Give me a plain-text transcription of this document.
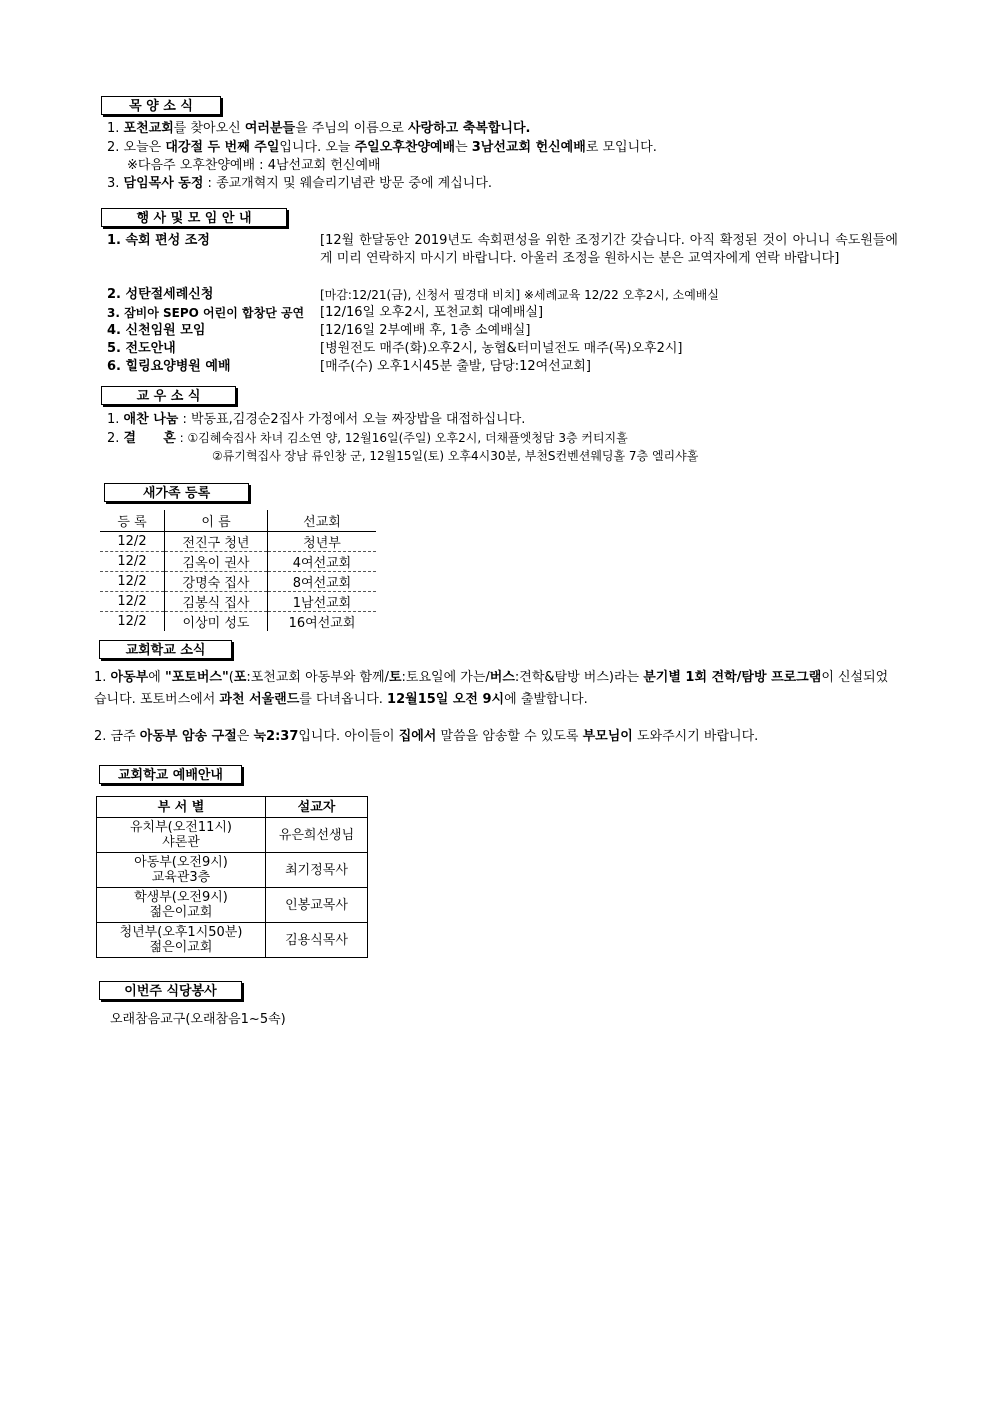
목 양 소 식
1. 포천교회를 찾아오신 여러분들을 주님의 이름으로 사랑하고 축복합니다.
2. 오늘은 대강절 두 번째 주일입니다. 오늘 주일오후찬양예배는 3남선교회 헌신예배로 모입니다.
※다음주 오후찬양예배 : 4남선교회 헌신예배
3. 담임목사 동정 : 종교개혁지 및 웨슬리기념관 방문 중에 계십니다.
행 사 및 모 임 안 내
1. 속회 편성 조정	[12월 한달동안 2019년도 속회편성을 위한 조정기간 갖습니다. 아직 확정된 것이 아니니 속도원들에게 미리 연락하지 마시기 바랍니다. 아울러 조정을 원하시는 분은 교역자에게 연락 바랍니다]
2. 성탄절세례신청	[마감:12/21(금), 신청서 필경대 비치] ※세례교육 12/22 오후2시, 소예배실
3. 잠비아 SEPO 어린이 합창단 공연 [12/16일 오후2시, 포천교회 대예배실]
4. 신천임원 모임	[12/16일 2부예배 후, 1층 소예배실]
5. 전도안내	[병원전도 매주(화)오후2시, 농협&터미널전도 매주(목)오후2시]
6. 힐링요양병원 예배	[매주(수) 오후1시45분 출발, 담당:12여선교회]
교 우 소 식
1. 애찬 나눔 : 박동표,김경순2집사 가정에서 오늘 짜장밥을 대접하십니다.
2. 결      혼 : ①김혜숙집사 차녀 김소연 양, 12월16일(주일) 오후2시, 더채플엣청담 3층 커티지홀
②류기혁집사 장남 류인창 군, 12월15일(토) 오후4시30분, 부천S컨벤션웨딩홀 7층 엘리샤홀
새가족 등록
등 록	이 름	선교회
12/2	전진구 청년	청년부
12/2	김옥이 권사	4여선교회
12/2	강명숙 집사	8여선교회
12/2	김봉식 집사	1남선교회
12/2	이상미 성도	16여선교회
교회학교 소식
1. 아동부에 "포토버스"(포:포천교회 아동부와 함께/토:토요일에 가는/버스:견학&탐방 버스)라는 분기별 1회 견학/탐방 프로그램이 신설되었습니다. 포토버스에서 과천 서울랜드를 다녀옵니다. 12월15일 오전 9시에 출발합니다.
2. 금주 아동부 암송 구절은 눅2:37입니다. 아이들이 집에서 말씀을 암송할 수 있도록 부모님이 도와주시기 바랍니다.
교회학교 예배안내
부 서 별	설교자

유치부(오전11시)
샤론관	유은희선생님

아동부(오전9시)
교육관3층	최기정목사

학생부(오전9시)
젊은이교회	인봉교목사

청년부(오후1시50분)
젊은이교회	김용식목사
이번주 식당봉사
오래참음교구(오래참음1~5속)
